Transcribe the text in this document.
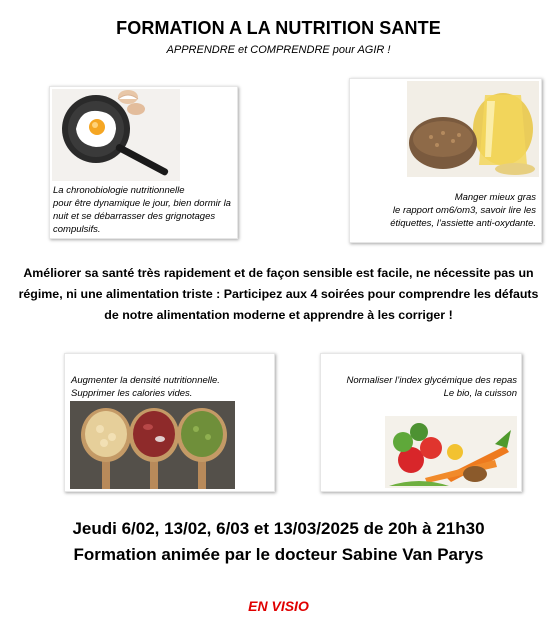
FORMATION A LA NUTRITION SANTE
APPRENDRE et COMPRENDRE pour AGIR !
La chronobiologie nutritionnelle
pour être dynamique le jour, bien dormir la nuit et se débarrasser des grignotages compulsifs.
Manger mieux gras
le rapport om6/om3, savoir lire les étiquettes, l’assiette anti-oxydante.
Améliorer sa santé très rapidement et de façon sensible est facile, ne nécessite pas un régime, ni une alimentation triste : Participez aux 4 soirées pour comprendre les défauts de notre alimentation moderne et apprendre à les corriger !
Augmenter la densité nutritionnelle.
Supprimer les calories vides.
Normaliser l’index glycémique des repas
Le bio, la cuisson
Jeudi 6/02, 13/02, 6/03 et 13/03/2025 de 20h à 21h30
Formation animée par le docteur Sabine Van Parys
EN VISIO
